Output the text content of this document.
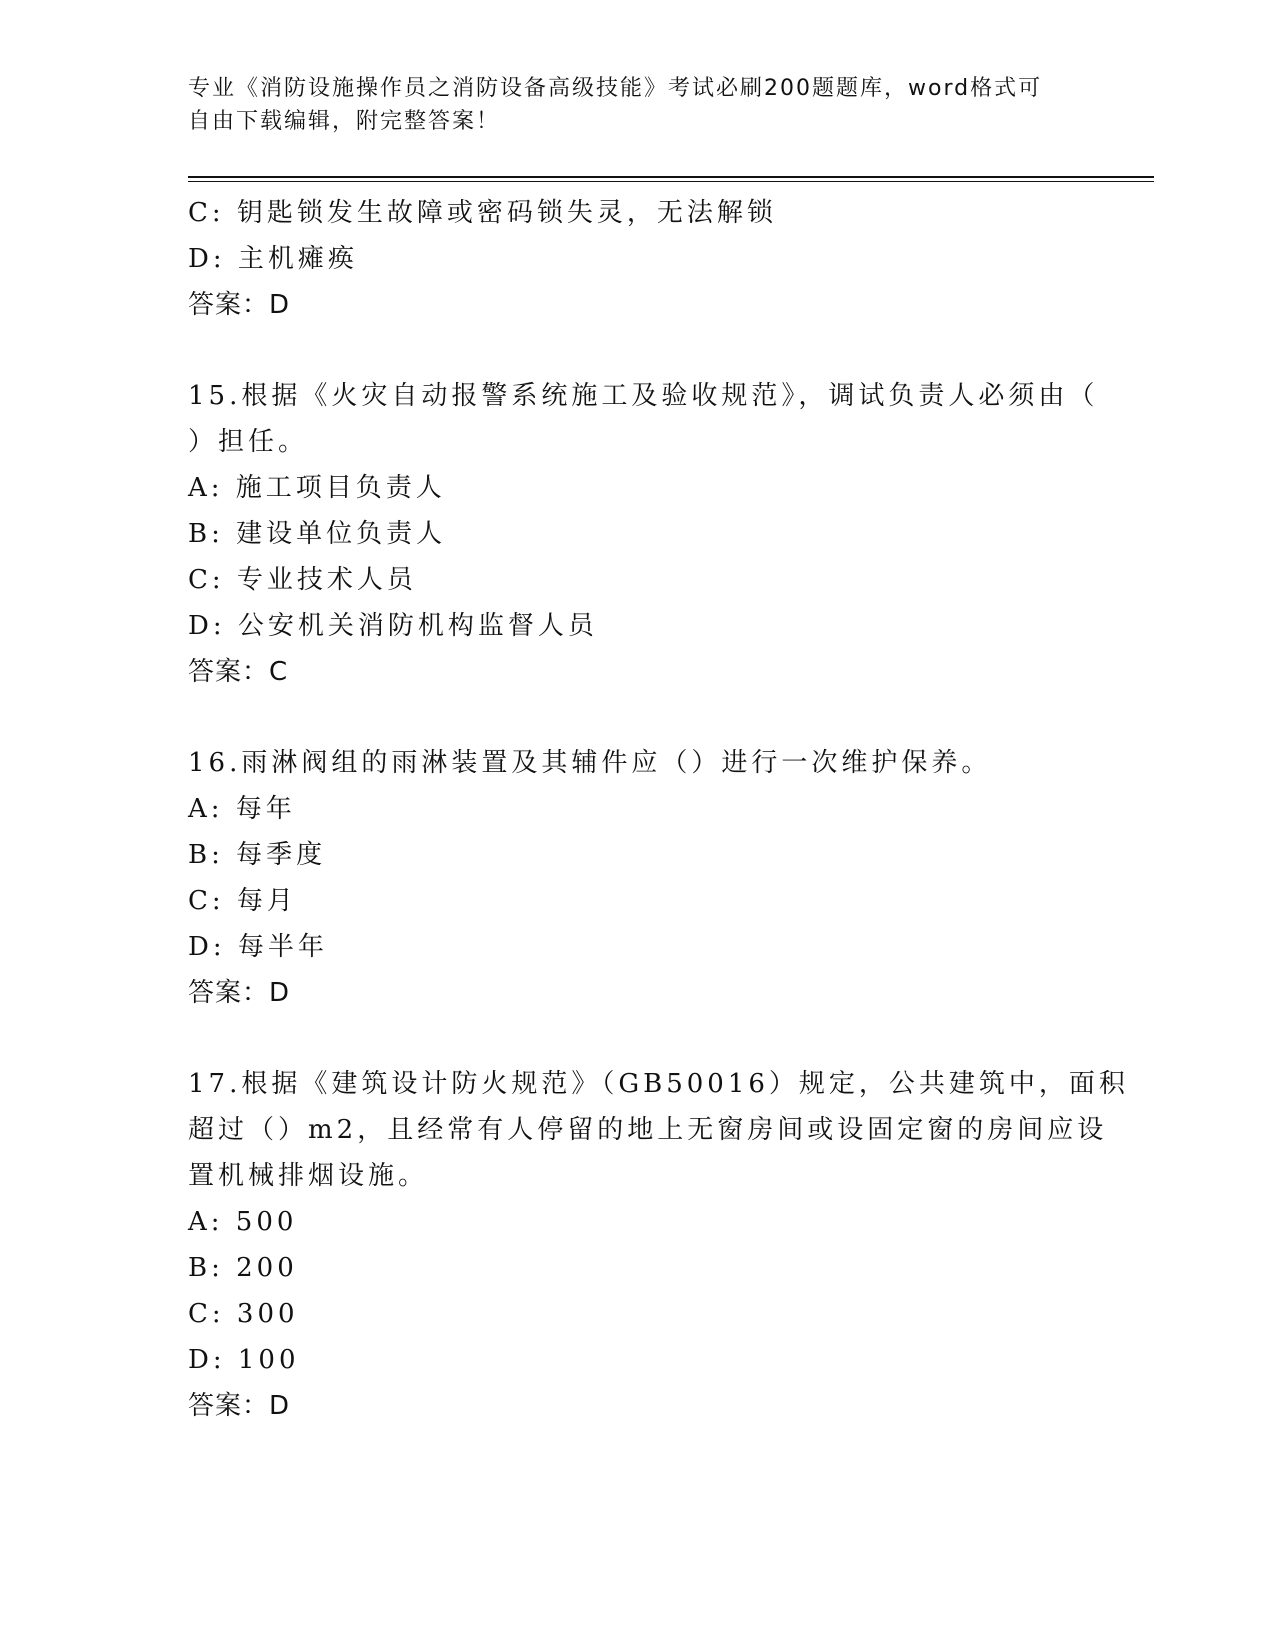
专业《消防设施操作员之消防设备高级技能》考试必刷200题题库，word格式可
自由下载编辑，附完整答案！
C: 钥匙锁发生故障或密码锁失灵，无法解锁
D: 主机瘫痪
答案：D
15.根据《火灾自动报警系统施工及验收规范》，调试负责人必须由（
）担任。
A: 施工项目负责人
B: 建设单位负责人
C: 专业技术人员
D: 公安机关消防机构监督人员
答案：C
16.雨淋阀组的雨淋装置及其辅件应（）进行一次维护保养。
A: 每年
B: 每季度
C: 每月
D: 每半年
答案：D
17.根据《建筑设计防火规范》（GB50016）规定，公共建筑中，面积
超过（）m2，且经常有人停留的地上无窗房间或设固定窗的房间应设
置机械排烟设施。
A: 500
B: 200
C: 300
D: 100
答案：D
